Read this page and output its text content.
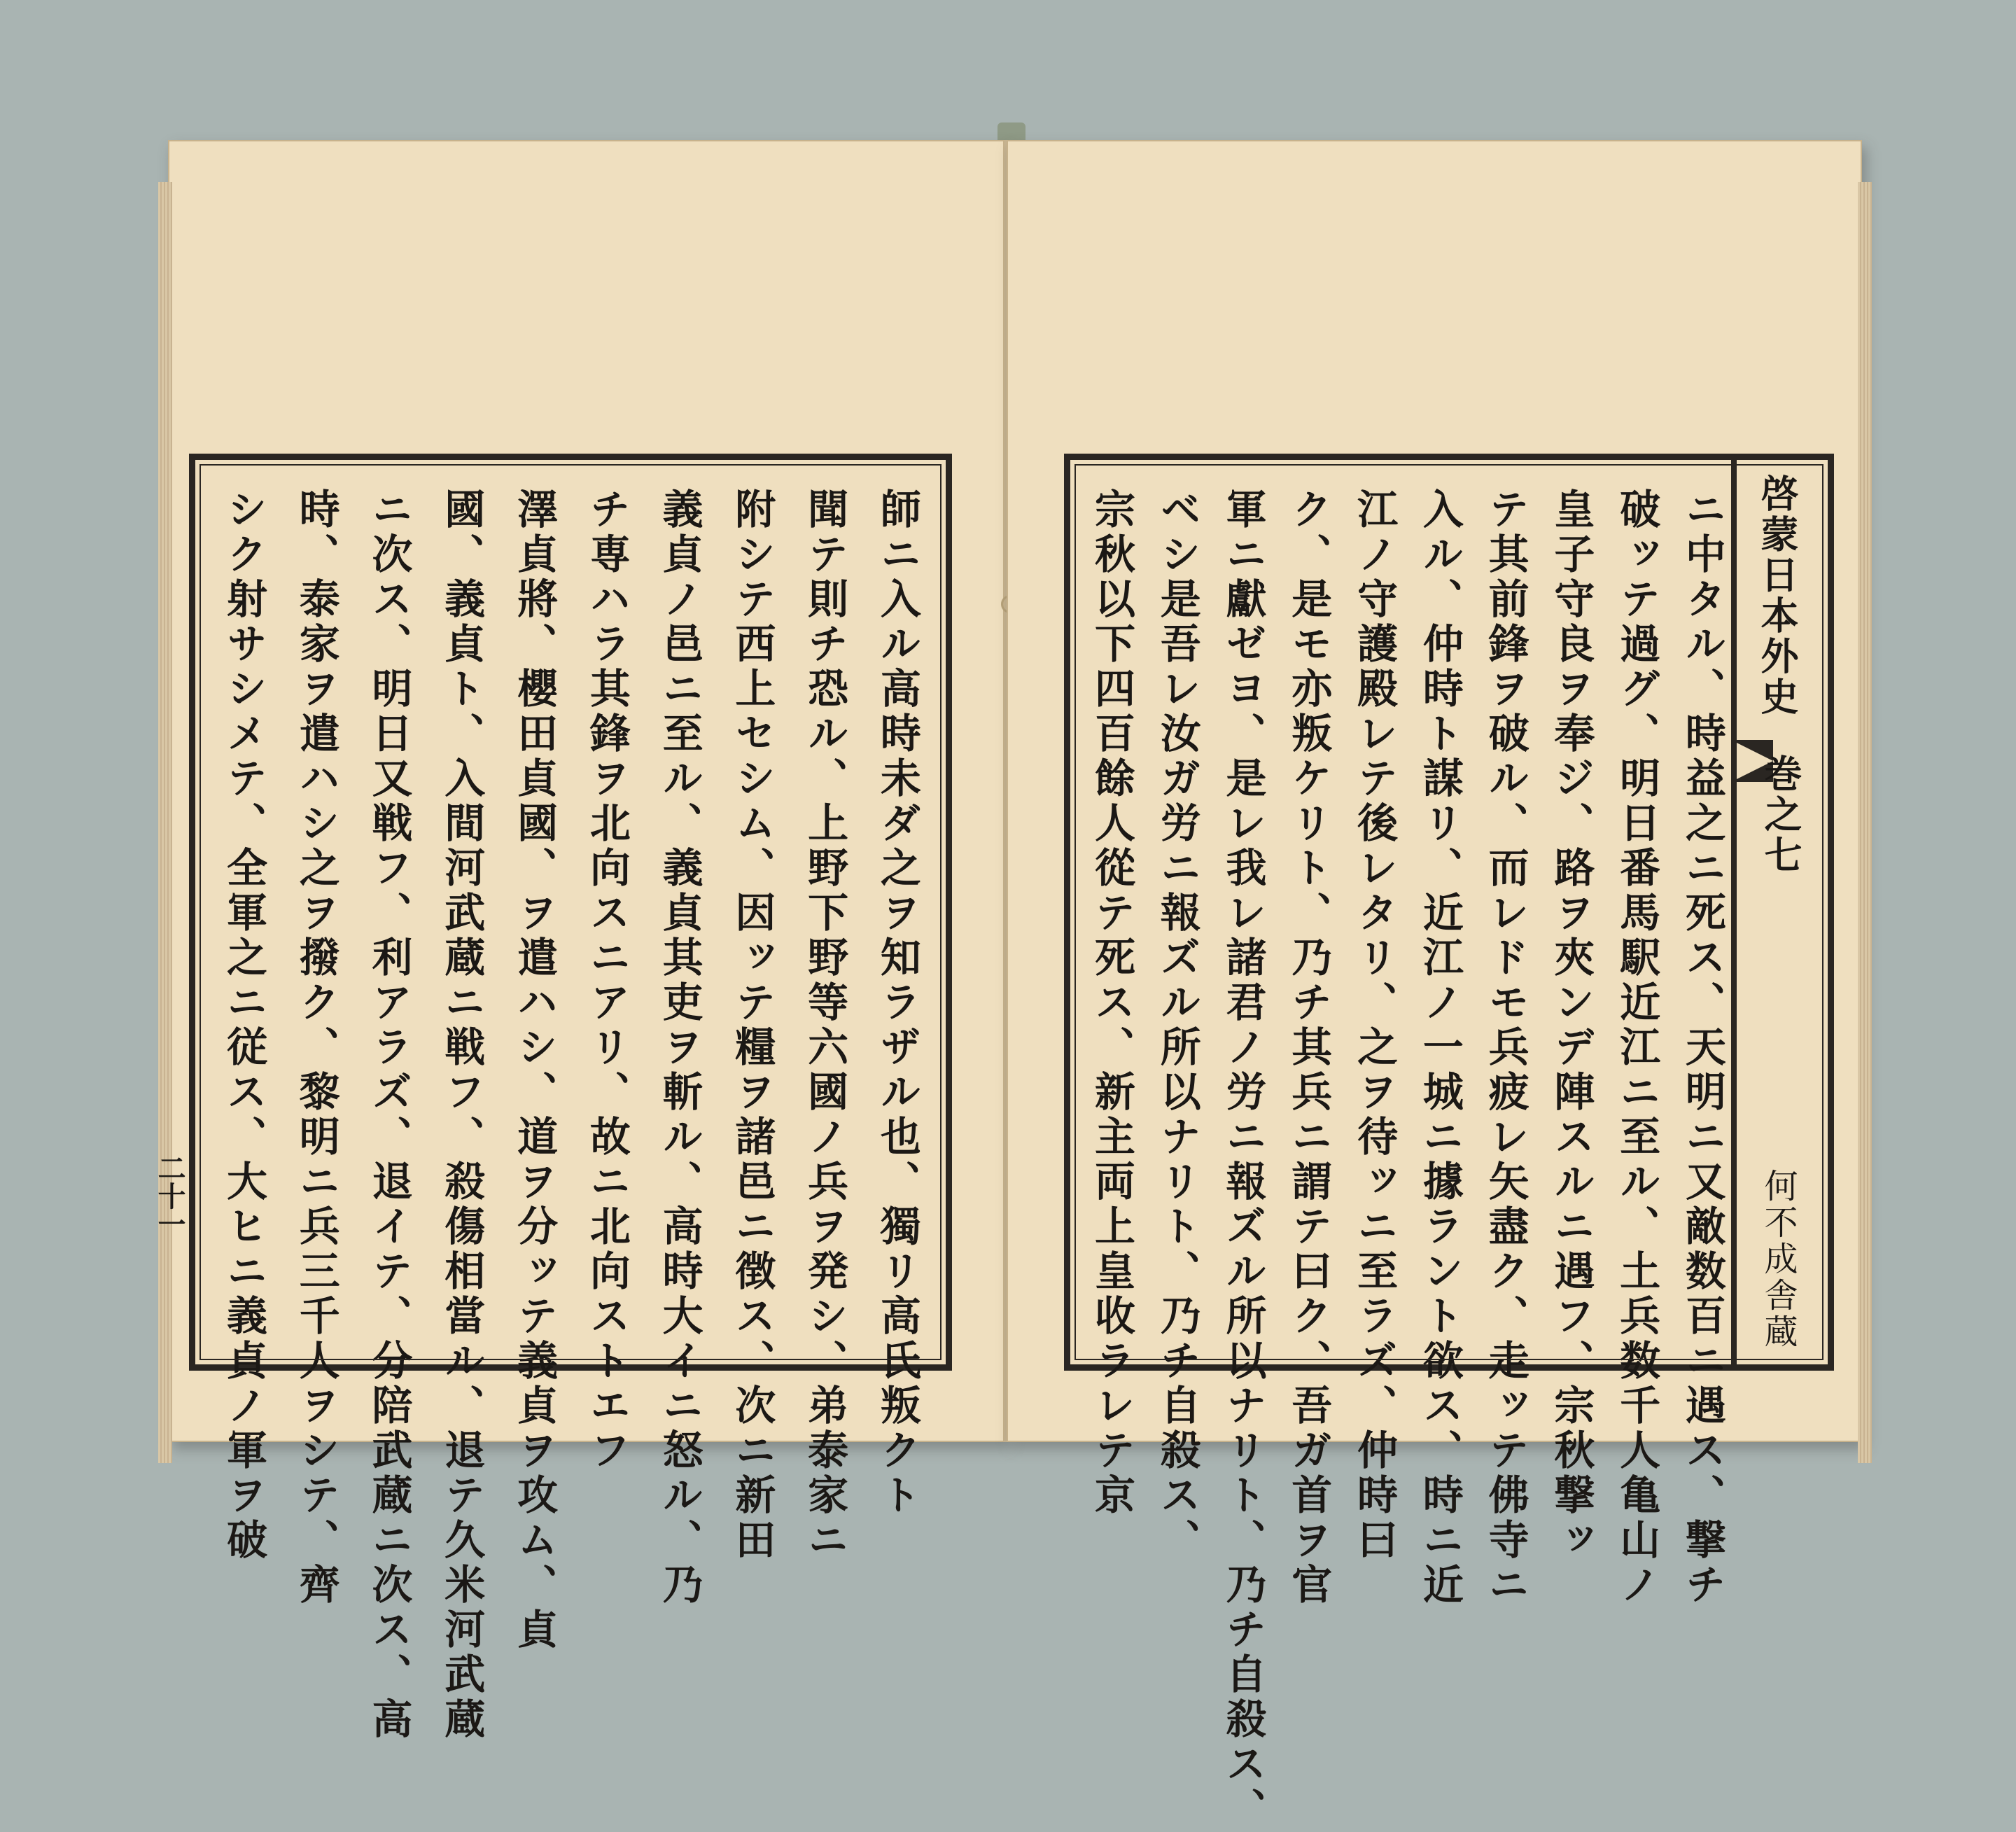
二十一	師ニ入ル高時未ダ之ヲ知ラザル也、獨リ高氏叛クト
聞テ則チ恐ル、上野下野等六國ノ兵ヲ発シ、弟泰家ニ
附シテ西上セシム、因ッテ糧ヲ諸邑ニ徴ス、次ニ新田
義貞ノ邑ニ至ル、義貞其吏ヲ斬ル、高時大イニ怒ル、乃
チ専ハラ其鋒ヲ北向スニアリ、故ニ北向ストエフ
澤貞將、櫻田貞國、ヲ遣ハシ、道ヲ分ッテ義貞ヲ攻ム、貞
國、義貞ト、入間河武蔵ニ戦フ、殺傷相當ル、退テ久米河武蔵
ニ次ス、明日又戦フ、利アラズ、退イテ、分陪武蔵ニ次ス、高
時、泰家ヲ遣ハシ之ヲ撥ク、黎明ニ兵三千人ヲシテ、齊
シク射サシメテ、全軍之ニ従ス、大ヒニ義貞ノ軍ヲ破	ニ中タル、時益之ニ死ス、天明ニ又敵数百ニ遇ス、撃チ
破ッテ過グ、明日番馬駅近江ニ至ル、土兵数千人亀山ノ
皇子守良ヲ奉ジ、路ヲ夾ンデ陣スルニ遇フ、宗秋撃ッ
テ其前鋒ヲ破ル、而レドモ兵疲レ矢盡ク、走ッテ佛寺ニ
入ル、仲時ト謀リ、近江ノ一城ニ據ラント欲ス、時ニ近
江ノ守護殿レテ後レタリ、之ヲ待ッニ至ラズ、仲時曰
ク、是モ亦叛ケリト、乃チ其兵ニ謂テ曰ク、吾ガ首ヲ官
軍ニ獻ゼヨ、是レ我レ諸君ノ労ニ報ズル所以ナリト、乃チ自殺ス、
ベシ是吾レ汝ガ労ニ報ズル所以ナリト、乃チ自殺ス、
宗秋以下四百餘人從テ死ス、新主両上皇收ラレテ京	啓蒙日本外史
巻之七
何不成舎蔵
